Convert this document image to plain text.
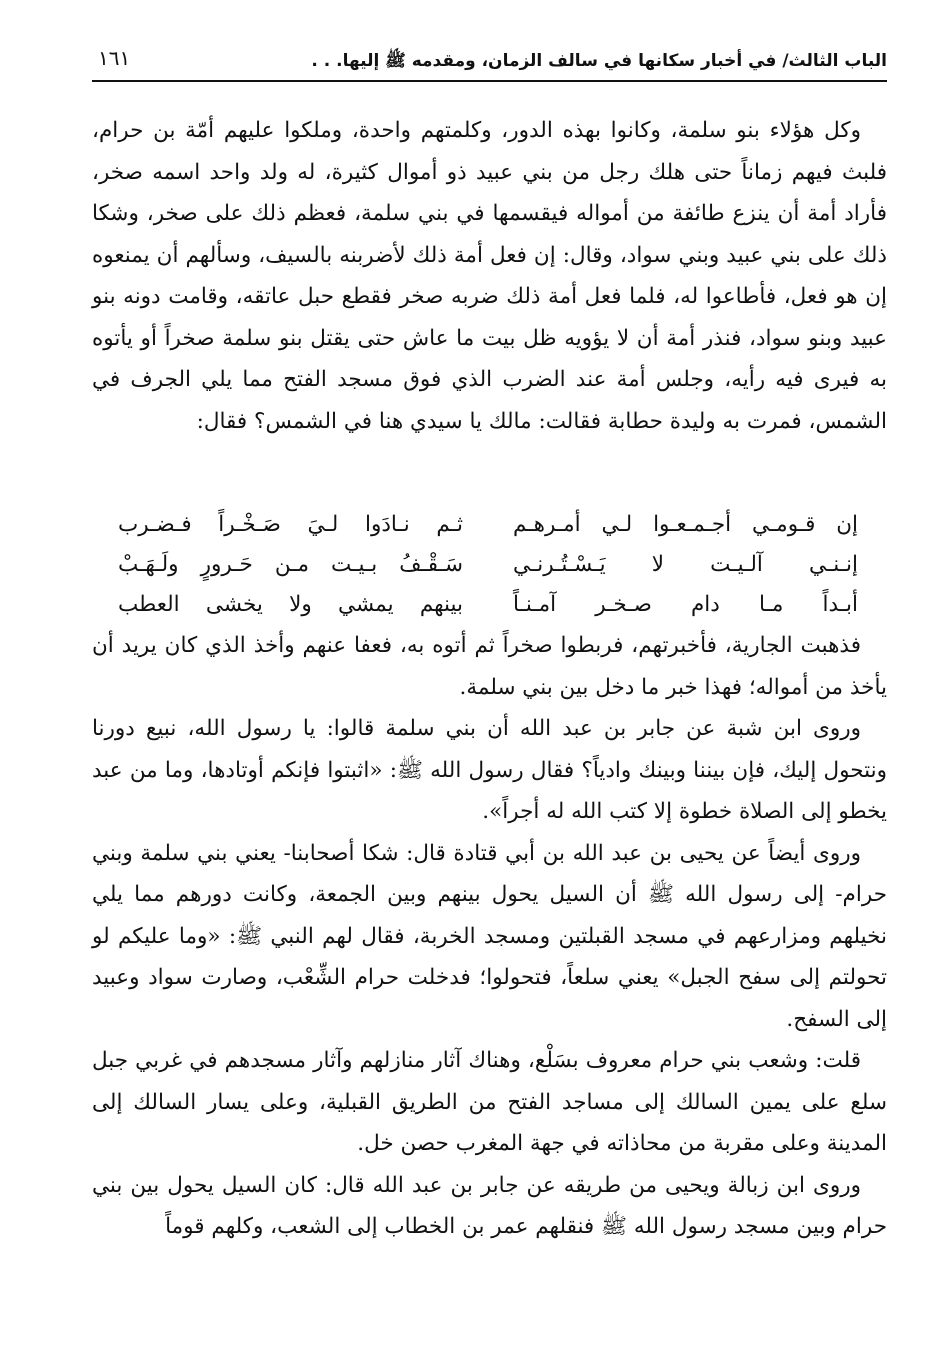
الباب الثالث/ في أخبار سكانها في سالف الزمان، ومقدمه ﷺ إليها. . .
١٦١

وكل هؤلاء بنو سلمة، وكانوا بهذه الدور، وكلمتهم واحدة، وملكوا عليهم أمّة بن حرام، فلبث فيهم زماناً حتى هلك رجل من بني عبيد ذو أموال كثيرة، له ولد واحد اسمه صخر، فأراد أمة أن ينزع طائفة من أمواله فيقسمها في بني سلمة، فعظم ذلك على صخر، وشكا ذلك على بني عبيد وبني سواد، وقال: إن فعل أمة ذلك لأضربنه بالسيف، وسألهم أن يمنعوه إن هو فعل، فأطاعوا له، فلما فعل أمة ذلك ضربه صخر فقطع حبل عاتقه، وقامت دونه بنو عبيد وبنو سواد، فنذر أمة أن لا يؤويه ظل بيت ما عاش حتى يقتل بنو سلمة صخراً أو يأتوه به فيرى فيه رأيه، وجلس أمة عند الضرب الذي فوق مسجد الفتح مما يلي الجرف في الشمس، فمرت به وليدة حطابة فقالت: مالك يا سيدي هنا في الشمس؟ فقال:

إن قـومـي أجـمـعـوا لـي أمـرهـم
ثـم نـادَوا لـيَ صَـخْـراً فـضـرب
إنـنـي آلـيـت لا يَـسْـتُـرنـي
سَـقْـفُ بـيـت مـن حَـرورٍ ولَـهَـبْ
أبـداً مـا دام صـخـر آمـنـاً
بينهم يمشي ولا يخشى العطب

فذهبت الجارية، فأخبرتهم، فربطوا صخراً ثم أتوه به، فعفا عنهم وأخذ الذي كان يريد أن يأخذ من أمواله؛ فهذا خبر ما دخل بين بني سلمة.

وروى ابن شبة عن جابر بن عبد الله أن بني سلمة قالوا: يا رسول الله، نبيع دورنا ونتحول إليك، فإن بيننا وبينك وادياً؟ فقال رسول الله ﷺ: «اثبتوا فإنكم أوتادها، وما من عبد يخطو إلى الصلاة خطوة إلا كتب الله له أجراً».

وروى أيضاً عن يحيى بن عبد الله بن أبي قتادة قال: شكا أصحابنا- يعني بني سلمة وبني حرام- إلى رسول الله ﷺ أن السيل يحول بينهم وبين الجمعة، وكانت دورهم مما يلي نخيلهم ومزارعهم في مسجد القبلتين ومسجد الخربة، فقال لهم النبي ﷺ: «وما عليكم لو تحولتم إلى سفح الجبل» يعني سلعاً، فتحولوا؛ فدخلت حرام الشِّعْب، وصارت سواد وعبيد إلى السفح.

قلت: وشعب بني حرام معروف بسَلْع، وهناك آثار منازلهم وآثار مسجدهم في غربي جبل سلع على يمين السالك إلى مساجد الفتح من الطريق القبلية، وعلى يسار السالك إلى المدينة وعلى مقربة من محاذاته في جهة المغرب حصن خل.

وروى ابن زبالة ويحيى من طريقه عن جابر بن عبد الله قال: كان السيل يحول بين بني حرام وبين مسجد رسول الله ﷺ فنقلهم عمر بن الخطاب إلى الشعب، وكلهم قوماً
